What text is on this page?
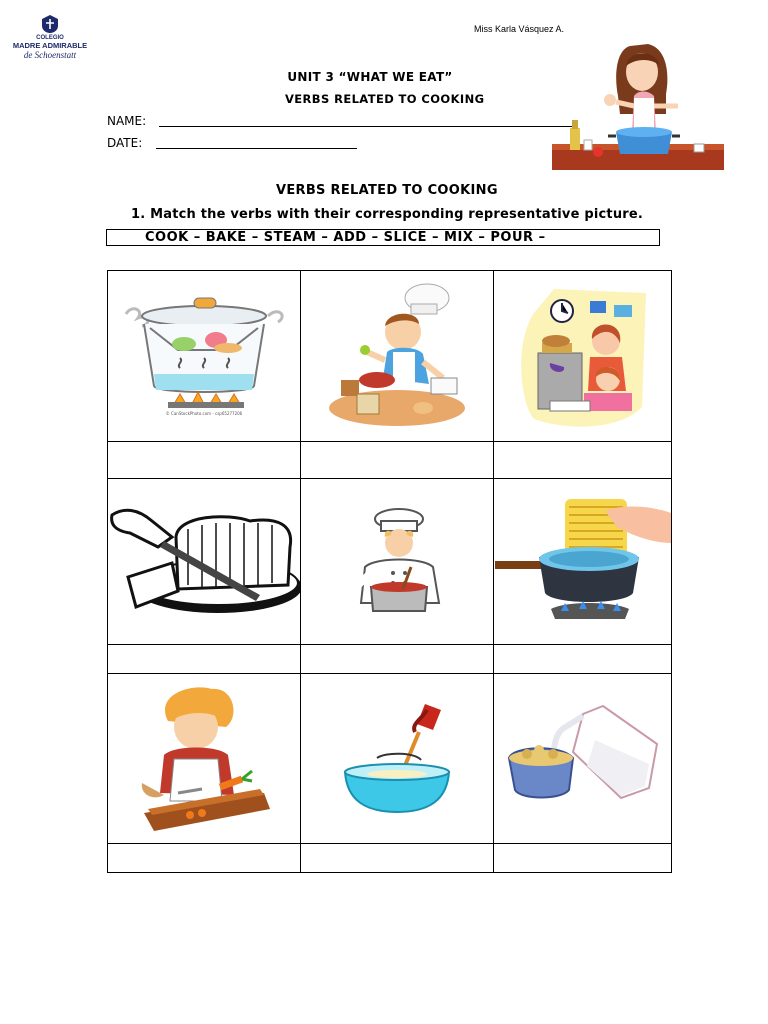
COLEGIO
MADRE ADMIRABLE
de Schoenstatt
Miss Karla Vásquez A.
UNIT 3 “WHAT WE EAT”
VERBS RELATED TO COOKING
NAME:
DATE:
VERBS RELATED TO COOKING
1. Match the verbs with their corresponding representative picture.
COOK – BAKE – STEAM – ADD – SLICE – MIX – POUR –
© CanStockPhoto.com - csp65277206
